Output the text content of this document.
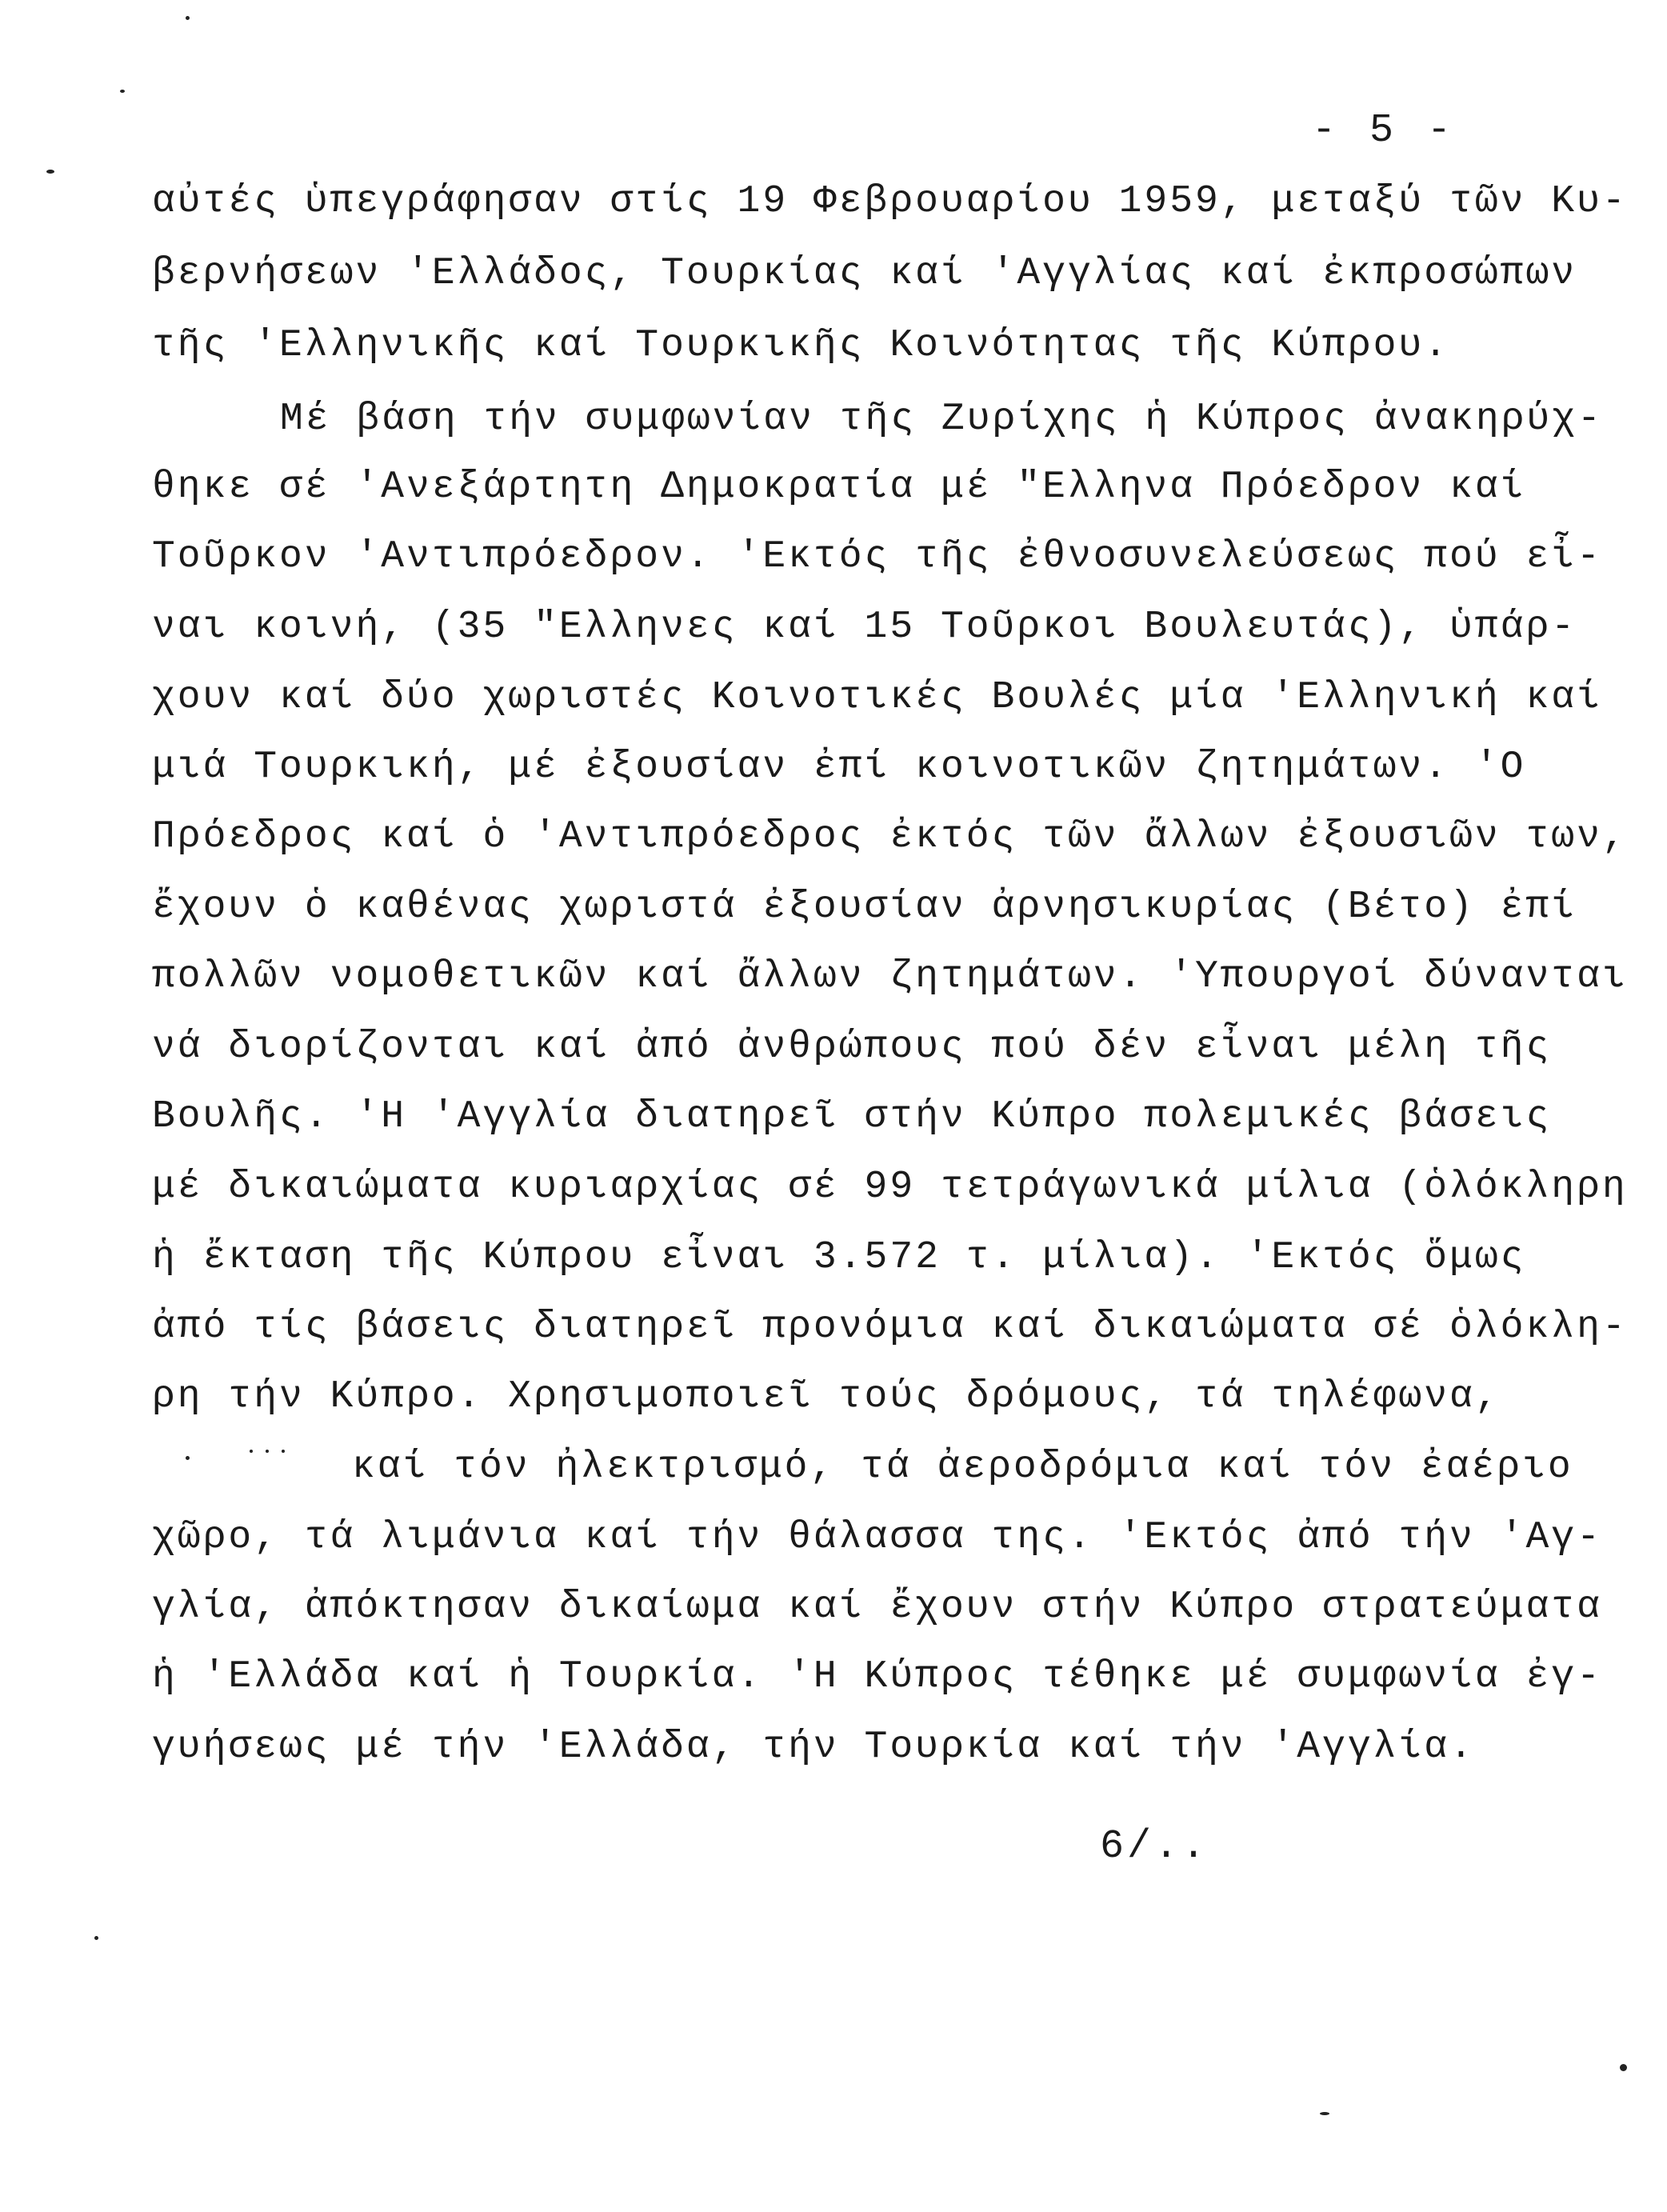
- 5 -
αὐτές ὑπεγράφησαν στίς 19 Φεβρουαρίου 1959, μεταξύ τῶν Κυ-
βερνήσεων 'Ελλάδος, Τουρκίας καί 'Αγγλίας καί ἐκπροσώπων
τῆς 'Ελληνικῆς καί Τουρκικῆς Κοινότητας τῆς Κύπρου.
Μέ βάση τήν συμφωνίαν τῆς Ζυρίχης ἡ Κύπρος ἀνακηρύχ-
θηκε σέ 'Ανεξάρτητη Δημοκρατία μέ "Ελληνα Πρόεδρον καί
Τοῦρκον 'Αντιπρόεδρον. 'Εκτός τῆς ἐθνοσυνελεύσεως πού εἶ-
ναι κοινή, (35 "Ελληνες καί 15 Τοῦρκοι Βουλευτάς), ὑπάρ-
χουν καί δύο χωριστές Κοινοτικές Βουλές μία 'Ελληνική καί
μιά Τουρκική, μέ ἐξουσίαν ἐπί κοινοτικῶν ζητημάτων. 'Ο
Πρόεδρος καί ὁ 'Αντιπρόεδρος ἐκτός τῶν ἄλλων ἐξουσιῶν των,
ἔχουν ὁ καθένας χωριστά ἐξουσίαν ἀρνησικυρίας (Βέτο) ἐπί
πολλῶν νομοθετικῶν καί ἄλλων ζητημάτων. 'Υπουργοί δύνανται
νά διορίζονται καί ἀπό ἀνθρώπους πού δέν εἶναι μέλη τῆς
Βουλῆς. 'Η 'Αγγλία διατηρεῖ στήν Κύπρο πολεμικές βάσεις
μέ δικαιώματα κυριαρχίας σέ 99 τετράγωνικά μίλια (ὁλόκληρη
ἡ ἔκταση τῆς Κύπρου εἶναι 3.572 τ. μίλια). 'Εκτός ὅμως
ἀπό τίς βάσεις διατηρεῖ προνόμια καί δικαιώματα σέ ὁλόκλη-
ρη τήν Κύπρο. Χρησιμοποιεῖ τούς δρόμους, τά τηλέφωνα,
καί τόν ἠλεκτρισμό, τά ἀεροδρόμια καί τόν ἐαέριο
χῶρο, τά λιμάνια καί τήν θάλασσα της. 'Εκτός ἀπό τήν 'Αγ-
γλία, ἀπόκτησαν δικαίωμα καί ἔχουν στήν Κύπρο στρατεύματα
ἡ 'Ελλάδα καί ἡ Τουρκία. 'Η Κύπρος τέθηκε μέ συμφωνία ἐγ-
γυήσεως μέ τήν 'Ελλάδα, τήν Τουρκία καί τήν 'Αγγλία.
6/..
